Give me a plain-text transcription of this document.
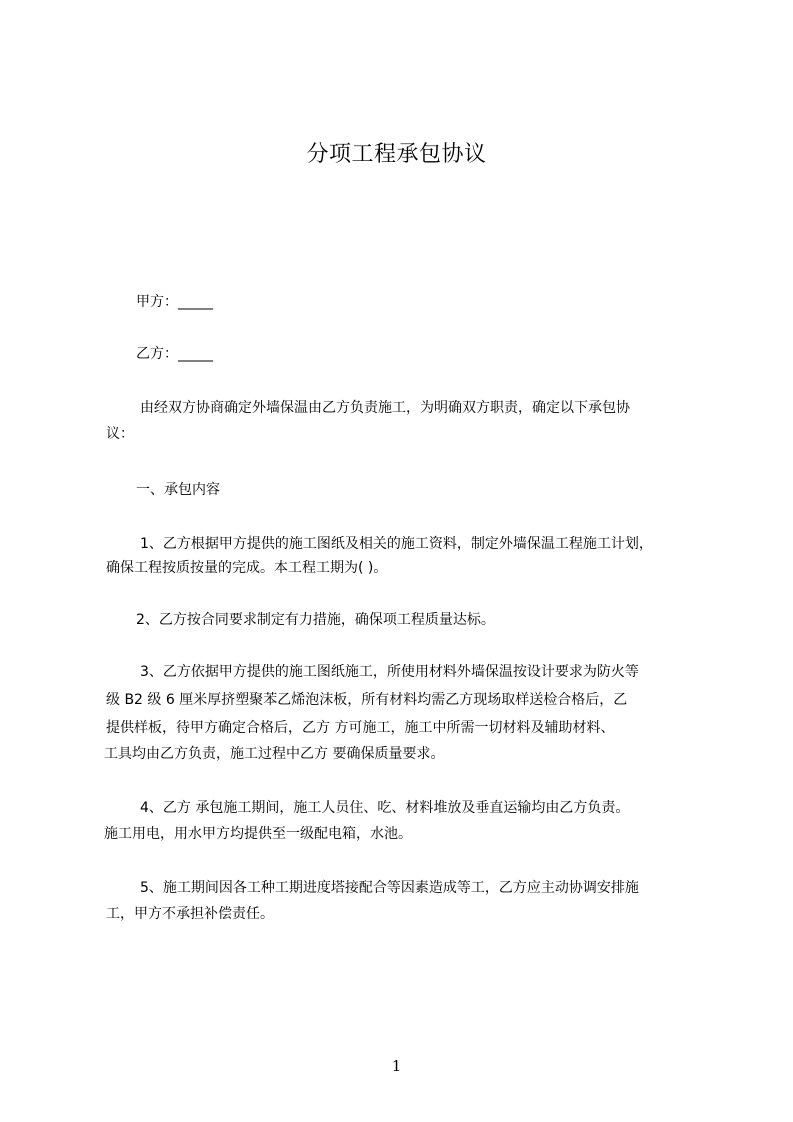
分项工程承包协议
甲方：_____
乙方：_____
由经双方协商确定外墙保温由乙方负责施工，为明确双方职责，确定以下承包协
议：
一、承包内容
1、乙方根据甲方提供的施工图纸及相关的施工资料，制定外墙保温工程施工计划，
确保工程按质按量的完成。本工程工期为( )。
2、乙方按合同要求制定有力措施，确保项工程质量达标。
3、乙方依据甲方提供的施工图纸施工，所使用材料外墙保温按设计要求为防火等
级 B2 级 6 厘米厚挤塑聚苯乙烯泡沫板，所有材料均需乙方现场取样送检合格后，乙
提供样板，待甲方确定合格后，乙方 方可施工，施工中所需一切材料及辅助材料、
工具均由乙方负责，施工过程中乙方 要确保质量要求。
4、乙方 承包施工期间，施工人员住、吃、材料堆放及垂直运输均由乙方负责。
施工用电，用水甲方均提供至一级配电箱，水池。
5、施工期间因各工种工期进度塔接配合等因素造成等工，乙方应主动协调安排施
工，甲方不承担补偿责任。
1
